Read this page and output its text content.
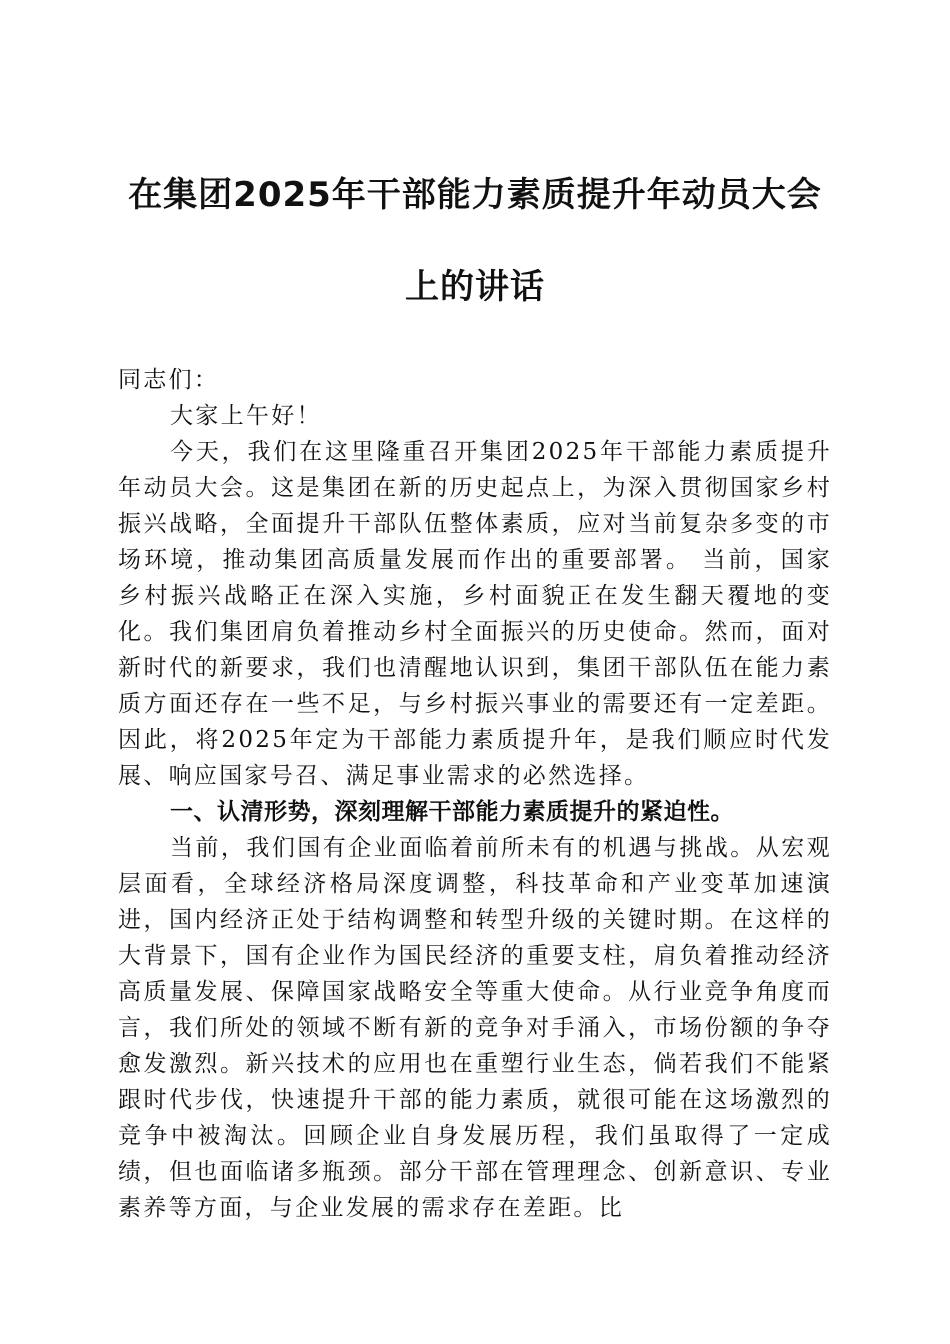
在集团2025年干部能力素质提升年动员大会
上的讲话

同志们：

大家上午好！

今天，我们在这里隆重召开集团2025年干部能力素质提升年动员大会。这是集团在新的历史起点上，为深入贯彻国家乡村振兴战略，全面提升干部队伍整体素质，应对当前复杂多变的市场环境，推动集团高质量发展而作出的重要部署。 当前，国家乡村振兴战略正在深入实施，乡村面貌正在发生翻天覆地的变化。我们集团肩负着推动乡村全面振兴的历史使命。然而，面对新时代的新要求，我们也清醒地认识到，集团干部队伍在能力素质方面还存在一些不足，与乡村振兴事业的需要还有一定差距。因此，将2025年定为干部能力素质提升年，是我们顺应时代发展、响应国家号召、满足事业需求的必然选择。

一、认清形势，深刻理解干部能力素质提升的紧迫性。

当前，我们国有企业面临着前所未有的机遇与挑战。从宏观层面看，全球经济格局深度调整，科技革命和产业变革加速演进，国内经济正处于结构调整和转型升级的关键时期。在这样的大背景下，国有企业作为国民经济的重要支柱，肩负着推动经济高质量发展、保障国家战略安全等重大使命。从行业竞争角度而言，我们所处的领域不断有新的竞争对手涌入，市场份额的争夺愈发激烈。新兴技术的应用也在重塑行业生态，倘若我们不能紧跟时代步伐，快速提升干部的能力素质，就很可能在这场激烈的竞争中被淘汰。回顾企业自身发展历程，我们虽取得了一定成绩，但也面临诸多瓶颈。部分干部在管理理念、创新意识、专业素养等方面，与企业发展的需求存在差距。比
